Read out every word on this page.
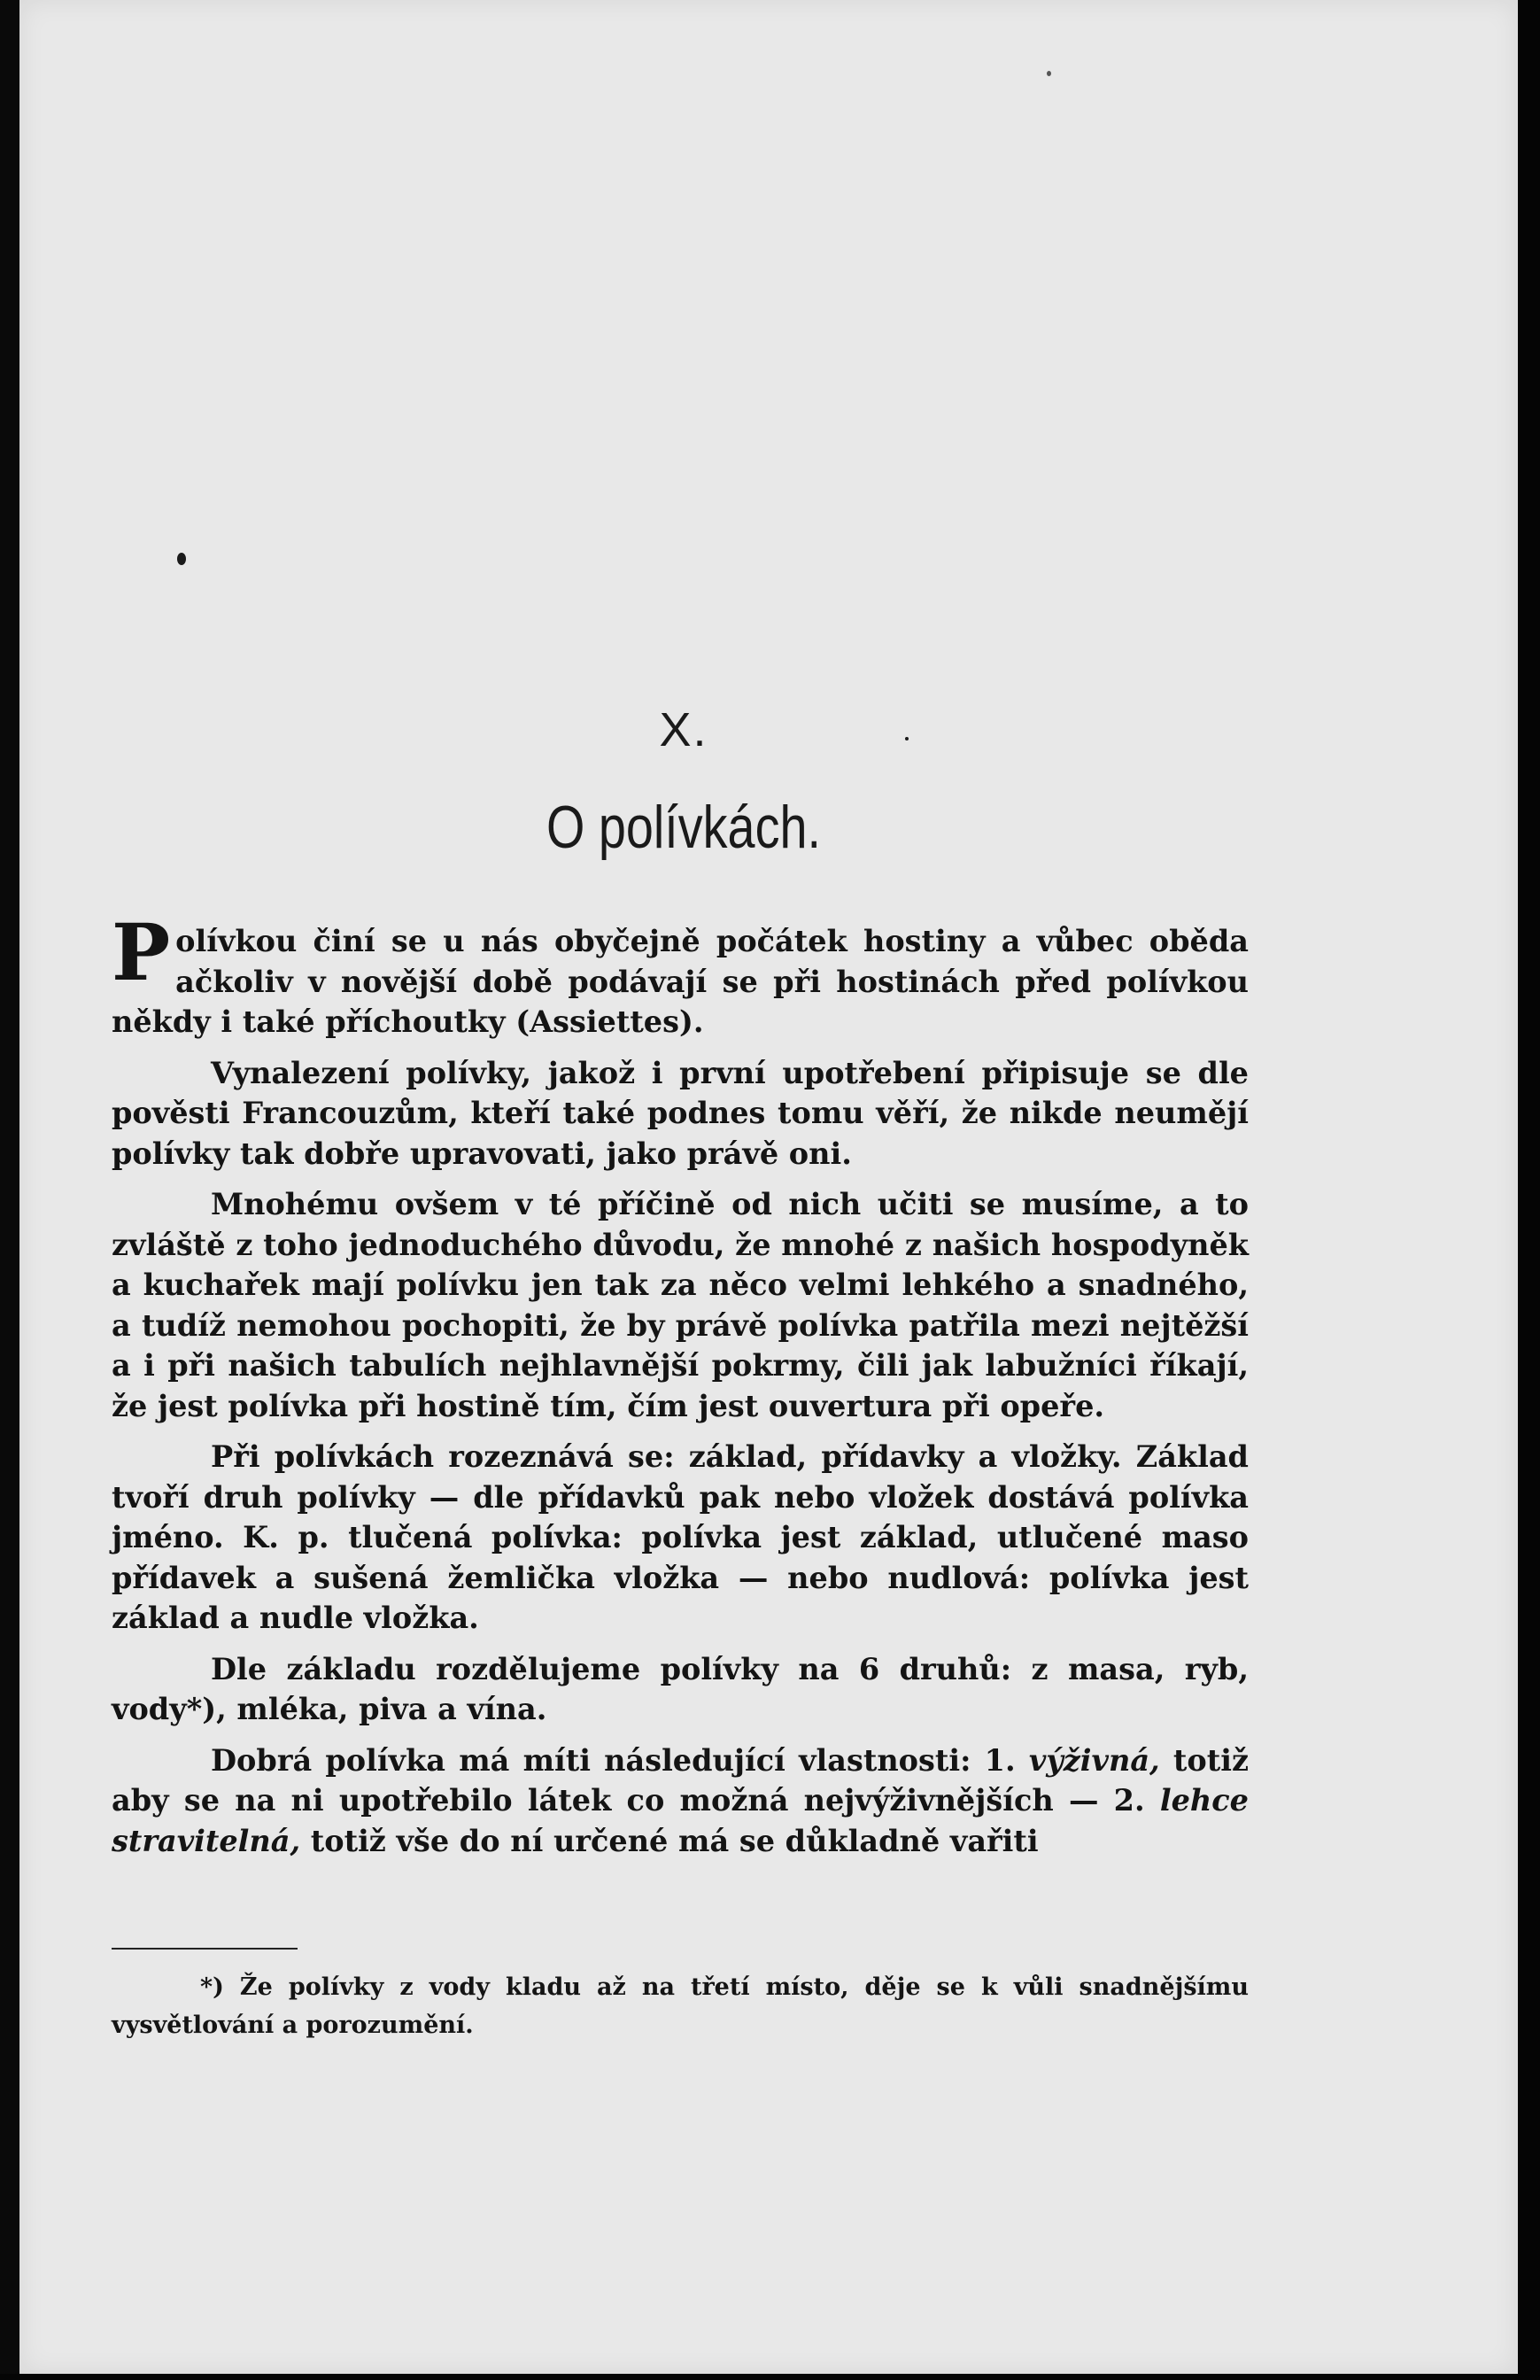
X.
O polívkách.

Polívkou činí se u nás obyčejně počátek hostiny a vůbec oběda ačkoliv v novější době podávají se při hostinách před polívkou někdy i také příchoutky (Assiettes).

Vynalezení polívky, jakož i první upotřebení připisuje se dle pověsti Francouzům, kteří také podnes tomu věří, že nikde neumějí polívky tak dobře upravovati, jako právě oni.

Mnohému ovšem v té příčině od nich učiti se musíme, a to zvláště z toho jednoduchého důvodu, že mnohé z našich hospodyněk a kuchařek mají polívku jen tak za něco velmi lehkého a snadného, a tudíž nemohou pochopiti, že by právě polívka patřila mezi nejtěžší a i při našich tabulích nejhlavnější pokrmy, čili jak labužníci říkají, že jest polívka při hostině tím, čím jest ouvertura při opeře.

Při polívkách rozeznává se: základ, přídavky a vložky. Základ tvoří druh polívky — dle přídavků pak nebo vložek dostává polívka jméno. K. p. tlučená polívka: polívka jest základ, utlučené maso přídavek a sušená žemlička vložka — nebo nudlová: polívka jest základ a nudle vložka.

Dle základu rozdělujeme polívky na 6 druhů: z masa, ryb, vody*), mléka, piva a vína.

Dobrá polívka má míti následující vlastnosti: 1. výživná, totiž aby se na ni upotřebilo látek co možná nejvýživnějších — 2. lehce stravitelná, totiž vše do ní určené má se důkladně vařiti

*) Že polívky z vody kladu až na třetí místo, děje se k vůli snadnějšímu vysvětlování a porozumění.
